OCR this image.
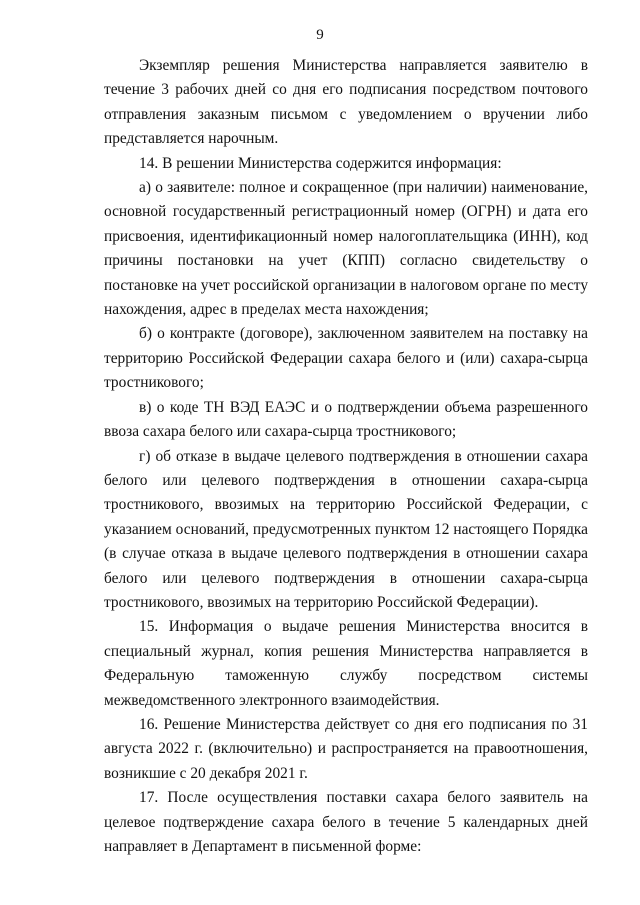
9

Экземпляр решения Министерства направляется заявителю в течение 3 рабочих дней со дня его подписания посредством почтового отправления заказным письмом с уведомлением о вручении либо представляется нарочным.

14. В решении Министерства содержится информация:

а) о заявителе: полное и сокращенное (при наличии) наименование, основной государственный регистрационный номер (ОГРН) и дата его присвоения, идентификационный номер налогоплательщика (ИНН), код причины постановки на учет (КПП) согласно свидетельству о постановке на учет российской организации в налоговом органе по месту нахождения, адрес в пределах места нахождения;

б) о контракте (договоре), заключенном заявителем на поставку на территорию Российской Федерации сахара белого и (или) сахара-сырца тростникового;

в) о коде ТН ВЭД ЕАЭС и о подтверждении объема разрешенного ввоза сахара белого или сахара-сырца тростникового;

г) об отказе в выдаче целевого подтверждения в отношении сахара белого или целевого подтверждения в отношении сахара-сырца тростникового, ввозимых на территорию Российской Федерации, с указанием оснований, предусмотренных пунктом 12 настоящего Порядка (в случае отказа в выдаче целевого подтверждения в отношении сахара белого или целевого подтверждения в отношении сахара-сырца тростникового, ввозимых на территорию Российской Федерации).

15. Информация о выдаче решения Министерства вносится в специальный журнал, копия решения Министерства направляется в Федеральную таможенную службу посредством системы межведомственного электронного взаимодействия.

16. Решение Министерства действует со дня его подписания по 31 августа 2022 г. (включительно) и распространяется на правоотношения, возникшие с 20 декабря 2021 г.

17. После осуществления поставки сахара белого заявитель на целевое подтверждение сахара белого в течение 5 календарных дней направляет в Департамент в письменной форме:
